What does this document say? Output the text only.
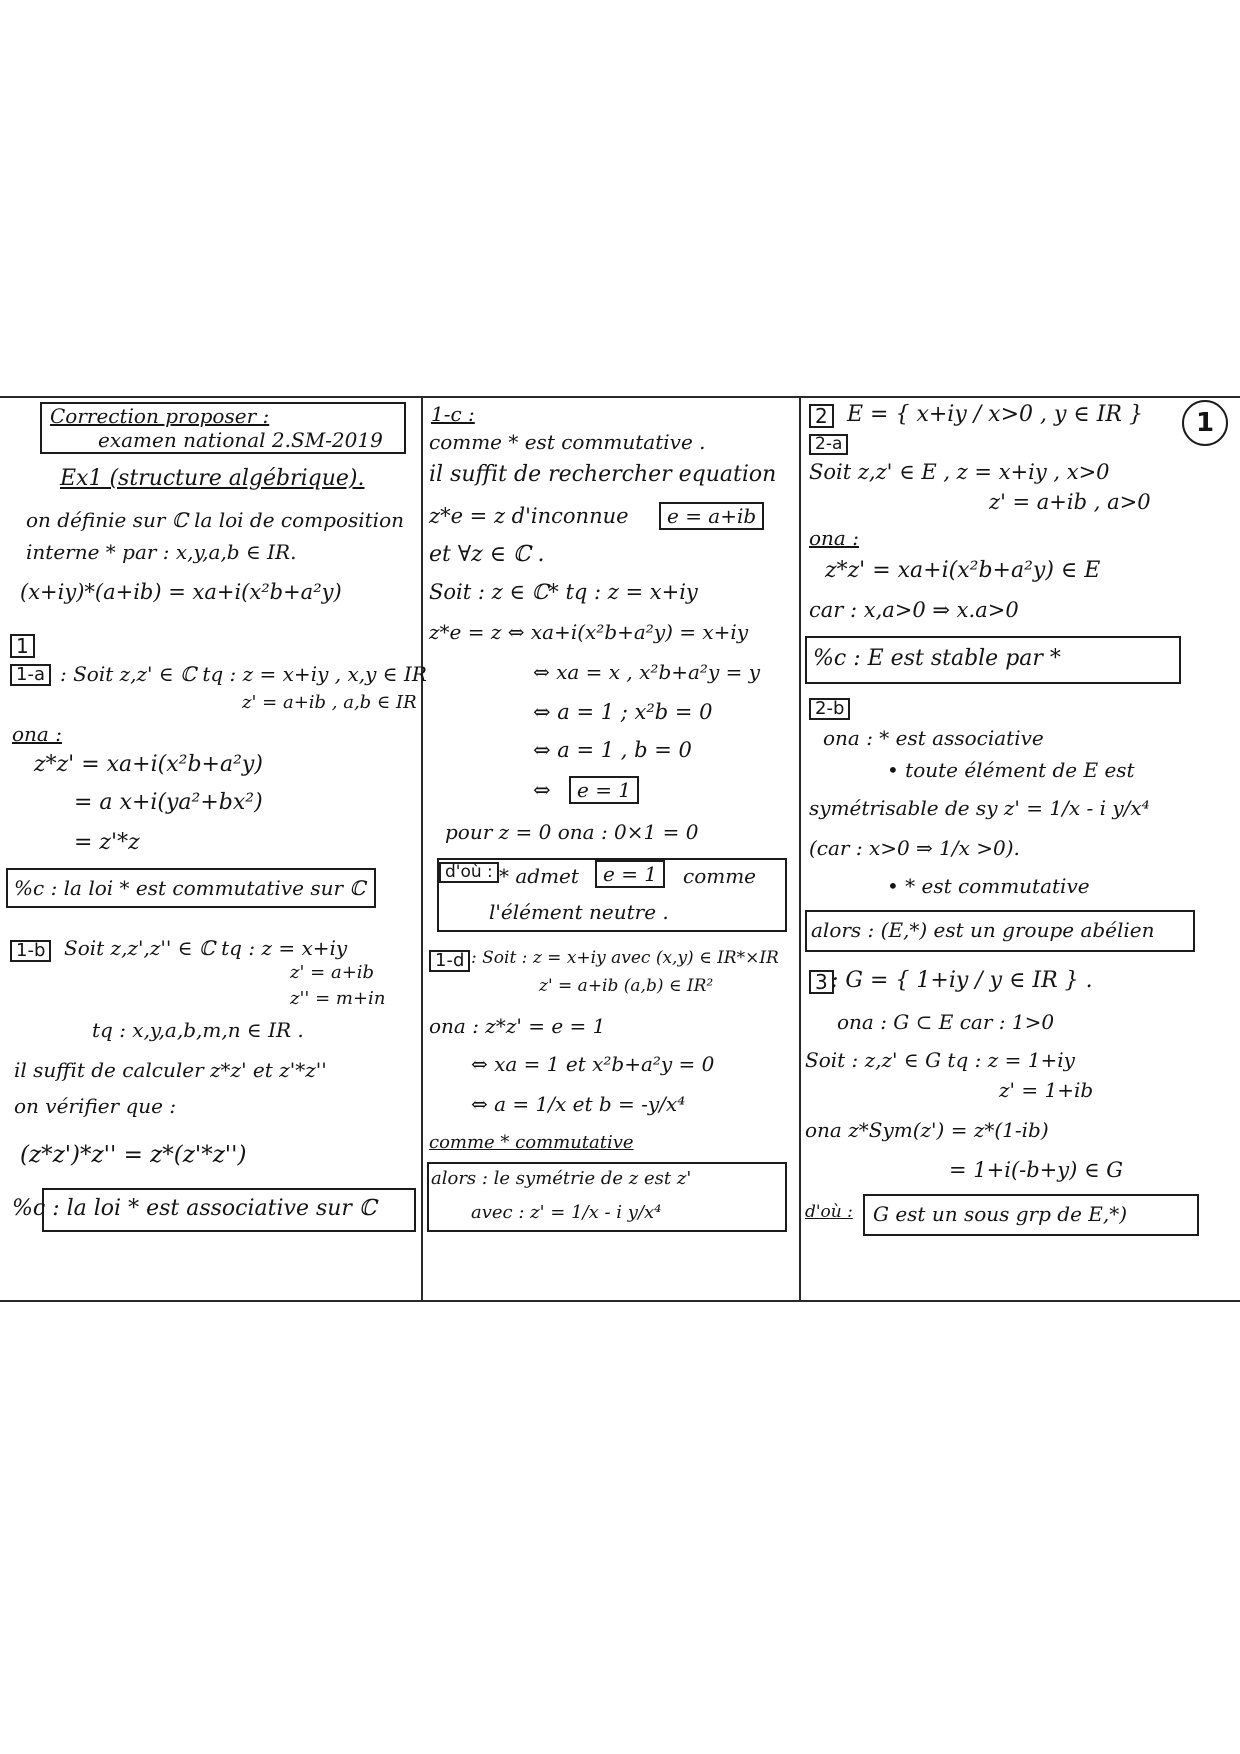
Correction proposer :
examen national 2.SM-2019
Ex1 (structure algébrique).
on définie sur ℂ la loi de composition
interne * par : x,y,a,b ∈ IR.
(x+iy)*(a+ib) = xa+i(x²b+a²y)
1
1-a : Soit z,z' ∈ ℂ tq : z = x+iy , x,y ∈ IR
z' = a+ib , a,b ∈ IR
ona :
z*z' = xa+i(x²b+a²y)
= a x+i(ya²+bx²)
= z'*z
%c : la loi * est commutative sur ℂ
1-b Soit z,z',z'' ∈ ℂ tq : z = x+iy
z' = a+ib
z'' = m+in
tq : x,y,a,b,m,n ∈ IR .
il suffit de calculer z*z' et z'*z''
on vérifier que :
(z*z')*z'' = z*(z'*z'')
%c : la loi * est associative sur ℂ
1-c :
comme * est commutative .
il suffit de rechercher equation
z*e = z d'inconnue	e = a+ib
et ∀z ∈ ℂ .
Soit : z ∈ ℂ* tq : z = x+iy
z*e = z ⇔ xa+i(x²b+a²y) = x+iy
⇔ xa = x , x²b+a²y = y
⇔ a = 1 ; x²b = 0
⇔ a = 1 , b = 0
⇔	e = 1
pour z = 0 ona : 0×1 = 0
d'où : * admet	e = 1	comme
l'élément neutre .
1-d : Soit : z = x+iy avec (x,y) ∈ IR*×IR
z' = a+ib (a,b) ∈ IR²
ona : z*z' = e = 1
⇔ xa = 1 et x²b+a²y = 0
⇔ a = 1/x et b = -y/x⁴
comme * commutative
alors : le symétrie de z est z'
avec : z' = 1/x - i y/x⁴
2 E = { x+iy / x>0 , y ∈ IR }
2-a
Soit z,z' ∈ E , z = x+iy , x>0
z' = a+ib , a>0
ona :
z*z' = xa+i(x²b+a²y) ∈ E
car : x,a>0 ⇒ x.a>0
%c : E est stable par *
2-b
ona : * est associative
• toute élément de E est
symétrisable de sy z' = 1/x - i y/x⁴
(car : x>0 ⇒ 1/x >0).
• * est commutative
alors : (E,*) est un groupe abélien
3 : G = { 1+iy / y ∈ IR } .
ona : G ⊂ E car : 1>0
Soit : z,z' ∈ G tq : z = 1+iy
z' = 1+ib
ona z*Sym(z') = z*(1-ib)
= 1+i(-b+y) ∈ G
d'où : G est un sous grp de E,*)
1
